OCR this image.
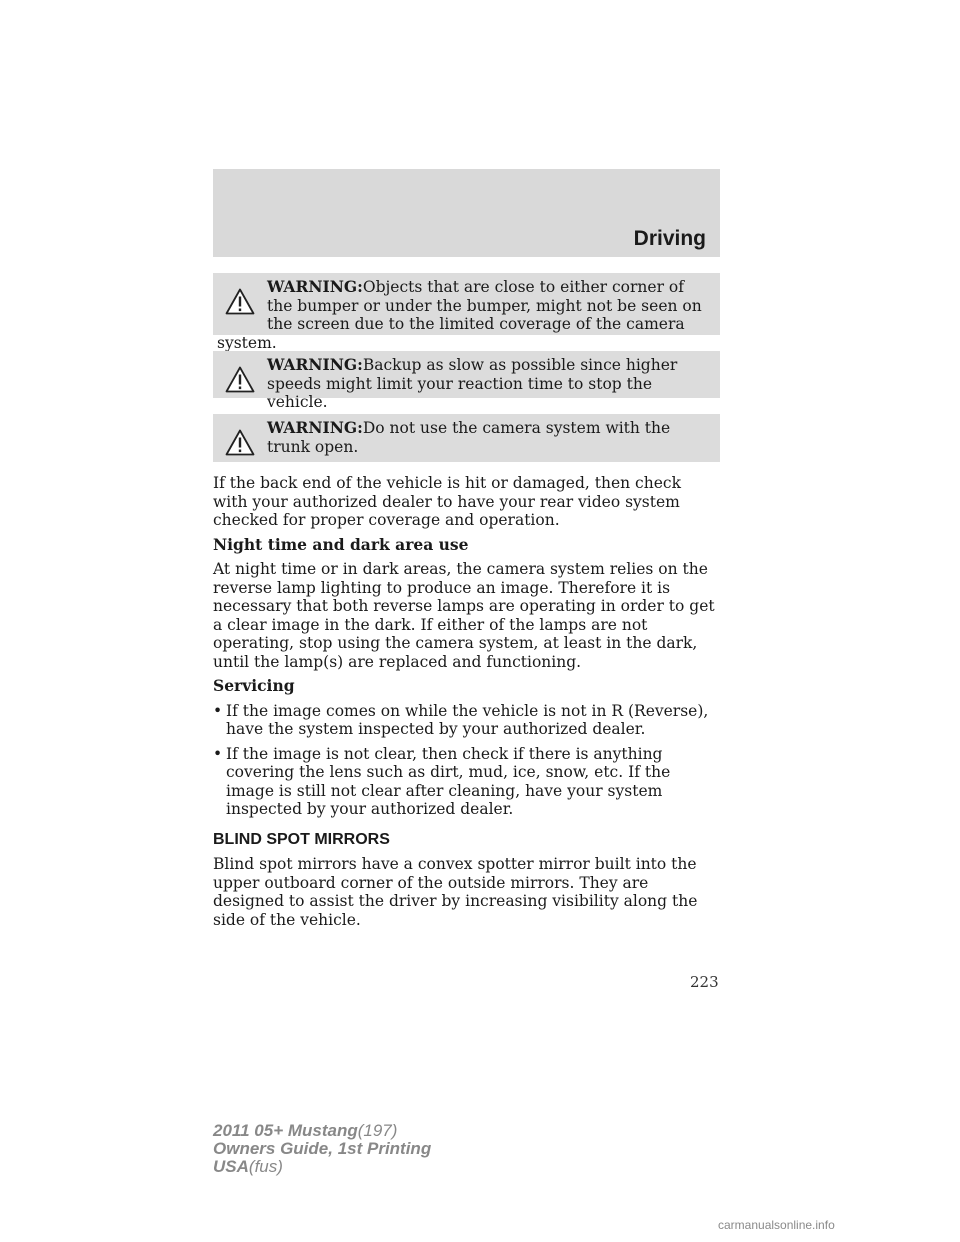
Driving
WARNING:Objects that are close to either corner of the bumper or under the bumper, might not be seen on the screen due to the limited coverage of the camera system.
WARNING:Backup as slow as possible since higher speeds might limit your reaction time to stop the vehicle.
WARNING:Do not use the camera system with the trunk open.

If the back end of the vehicle is hit or damaged, then check with your authorized dealer to have your rear video system checked for proper coverage and operation.

Night time and dark area use

At night time or in dark areas, the camera system relies on the reverse lamp lighting to produce an image. Therefore it is necessary that both reverse lamps are operating in order to get a clear image in the dark. If either of the lamps are not operating, stop using the camera system, at least in the dark, until the lamp(s) are replaced and functioning.

Servicing

• If the image comes on while the vehicle is not in R (Reverse), have the system inspected by your authorized dealer.
• If the image is not clear, then check if there is anything covering the lens such as dirt, mud, ice, snow, etc. If the image is still not clear after cleaning, have your system inspected by your authorized dealer.
BLIND SPOT MIRRORS

Blind spot mirrors have a convex spotter mirror built into the upper outboard corner of the outside mirrors. They are designed to assist the driver by increasing visibility along the side of the vehicle.

223
2011 05+ Mustang(197)
Owners Guide, 1st Printing
USA(fus)
carmanualsonline.info
